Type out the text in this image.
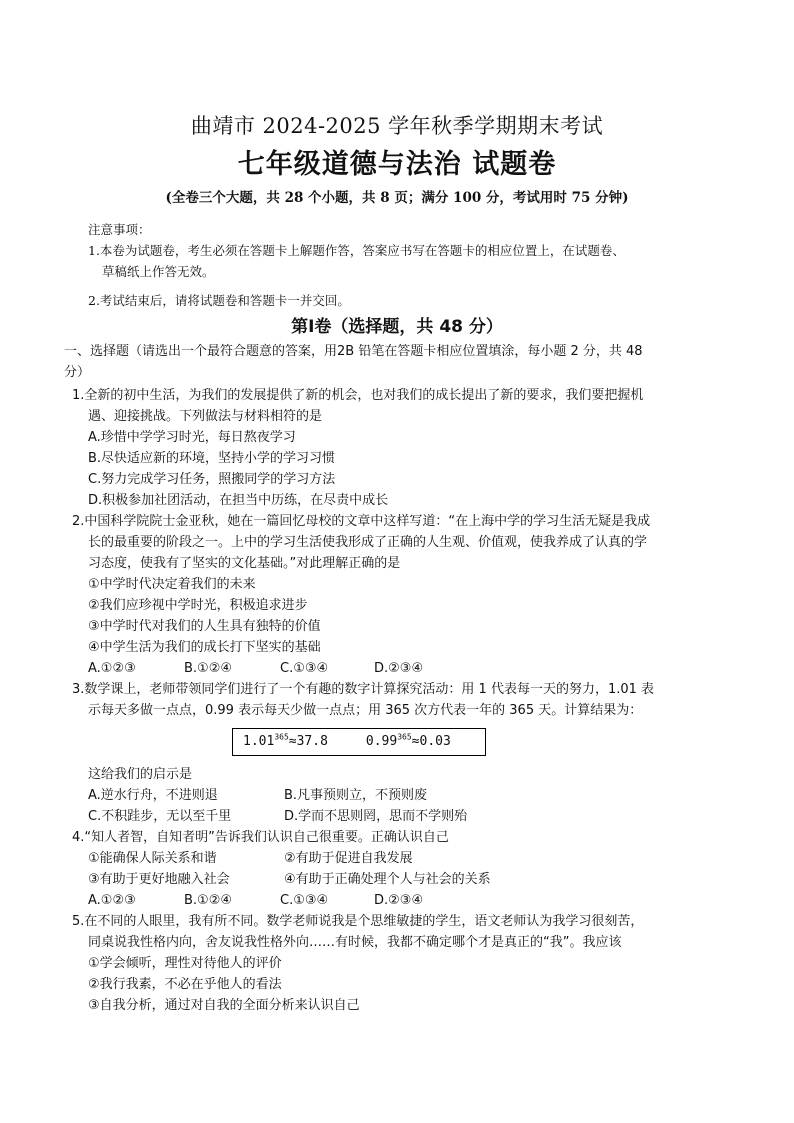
曲靖市 2024-2025 学年秋季学期期末考试
七年级道德与法治 试题卷
(全卷三个大题，共 28 个小题，共 8 页；满分 100 分，考试用时 75 分钟)
注意事项：
1.本卷为试题卷，考生必须在答题卡上解题作答，答案应书写在答题卡的相应位置上，在试题卷、
草稿纸上作答无效。
2.考试结束后，请将试题卷和答题卡一并交回。
第Ⅰ卷（选择题，共 48 分）
一、选择题（请选出一个最符合题意的答案，用2B 铅笔在答题卡相应位置填涂，每小题 2 分，共 48
分）
1.全新的初中生活，为我们的发展提供了新的机会，也对我们的成长提出了新的要求，我们要把握机
遇、迎接挑战。下列做法与材料相符的是
A.珍惜中学学习时光，每日熬夜学习
B.尽快适应新的环境，坚持小学的学习习惯
C.努力完成学习任务，照搬同学的学习方法
D.积极参加社团活动，在担当中历练，在尽责中成长
2.中国科学院院士金亚秋，她在一篇回忆母校的文章中这样写道：“在上海中学的学习生活无疑是我成
长的最重要的阶段之一。上中的学习生活使我形成了正确的人生观、价值观，使我养成了认真的学
习态度，使我有了坚实的文化基础。”对此理解正确的是
①中学时代决定着我们的未来
②我们应珍视中学时光，积极追求进步
③中学时代对我们的人生具有独特的价值
④中学生活为我们的成长打下坚实的基础
A.①②③	B.①②④	C.①③④	D.②③④
3.数学课上，老师带领同学们进行了一个有趣的数字计算探究活动：用 1 代表每一天的努力，1.01 表
示每天多做一点点，0.99 表示每天少做一点点；用 365 次方代表一年的 365 天。计算结果为：
$1.01^{365}\approx 37.8$	$0.99^{365}\approx 0.03$
这给我们的启示是
A.逆水行舟，不进则退	B.凡事预则立，不预则废
C.不积跬步，无以至千里	D.学而不思则罔，思而不学则殆
4.“知人者智，自知者明”告诉我们认识自己很重要。正确认识自己
①能确保人际关系和谐	②有助于促进自我发展
③有助于更好地融入社会	④有助于正确处理个人与社会的关系
A.①②③	B.①②④	C.①③④	D.②③④
5.在不同的人眼里，我有所不同。数学老师说我是个思维敏捷的学生，语文老师认为我学习很刻苦，
同桌说我性格内向，舍友说我性格外向……有时候，我都不确定哪个才是真正的“我”。我应该
①学会倾听，理性对待他人的评价
②我行我素，不必在乎他人的看法
③自我分析，通过对自我的全面分析来认识自己
